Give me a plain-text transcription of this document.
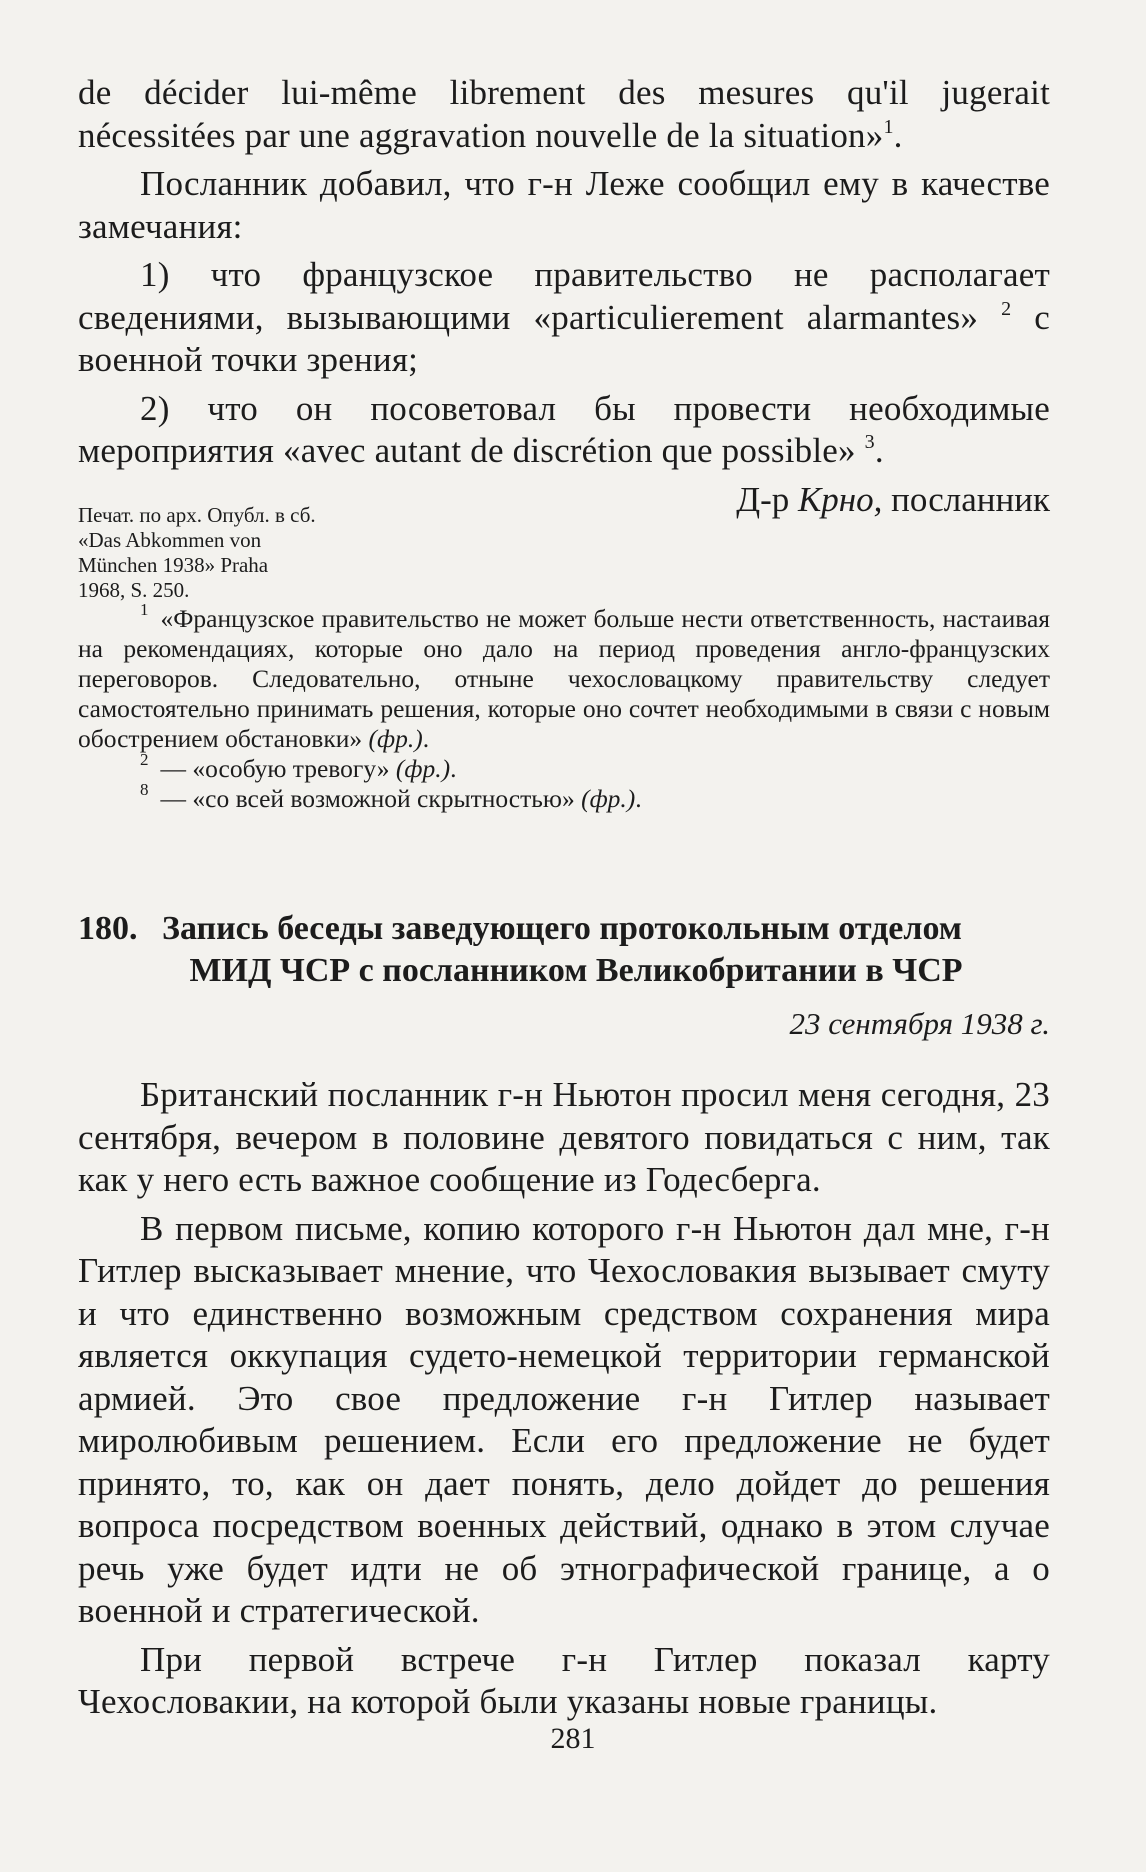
de décider lui-même librement des mesures qu'il jugerait nécessitées par une aggravation nouvelle de la situation»$^1$.

Посланник добавил, что г-н Леже сообщил ему в качестве замечания:

1) что французское правительство не располагает сведениями, вызывающими «particulierement alarmantes» $^2$ с военной точки зрения;

2) что он посоветовал бы провести необходимые мероприятия «avec autant de discrétion que possible» $^3$.

Д-р Крно, посланник

Печат. по арх. Опубл. в сб. «Das Abkommen von München 1938» Praha 1968, S. 250.

$^1$ «Французское правительство не может больше нести ответственность, настаивая на рекомендациях, которые оно дало на период проведения англо-французских переговоров. Следовательно, отныне чехословацкому правительству следует самостоятельно принимать решения, которые оно сочтет необходимыми в связи с новым обострением обстановки» (фр.).

$^2$ — «особую тревогу» (фр.).

$^8$ — «со всей возможной скрытностью» (фр.).

180. Запись беседы заведующего протокольным отделом
МИД ЧСР с посланником Великобритании в ЧСР

23 сентября 1938 г.

Британский посланник г-н Ньютон просил меня сегодня, 23 сентября, вечером в половине девятого повидаться с ним, так как у него есть важное сообщение из Годесберга.

В первом письме, копию которого г-н Ньютон дал мне, г-н Гитлер высказывает мнение, что Чехословакия вызывает смуту и что единственно возможным средством сохранения мира является оккупация судето-немецкой территории германской армией. Это свое предложение г-н Гитлер называет миролюбивым решением. Если его предложение не будет принято, то, как он дает понять, дело дойдет до решения вопроса посредством военных действий, однако в этом случае речь уже будет идти не об этнографической границе, а о военной и стратегической.

При первой встрече г-н Гитлер показал карту Чехословакии, на которой были указаны новые границы.

281
